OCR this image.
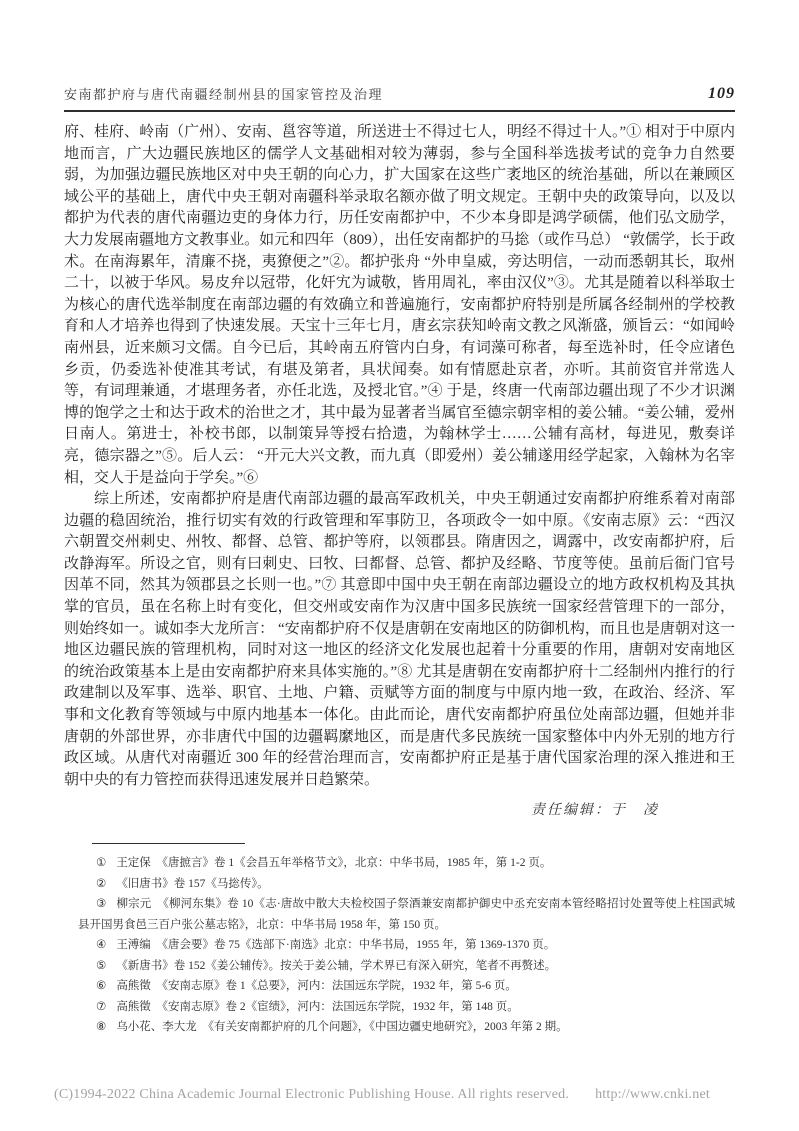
安南都护府与唐代南疆经制州县的国家管控及治理	109

府、桂府、岭南（广州）、安南、邕容等道，所送进士不得过七人，明经不得过十人。”① 相对于中原内地而言，广大边疆民族地区的儒学人文基础相对较为薄弱，参与全国科举选拔考试的竞争力自然要弱，为加强边疆民族地区对中央王朝的向心力，扩大国家在这些广袤地区的统治基础，所以在兼顾区域公平的基础上，唐代中央王朝对南疆科举录取名额亦做了明文规定。王朝中央的政策导向，以及以都护为代表的唐代南疆边吏的身体力行，历任安南都护中，不少本身即是鸿学硕儒，他们弘文励学，大力发展南疆地方文教事业。如元和四年（809），出任安南都护的马捴（或作马总） “敦儒学，长于政术。在南海累年，清廉不挠，夷獠便之”②。都护张舟 “外申皇威，旁达明信，一动而悉朝其长，取州二十，以被于华风。易皮弁以冠带，化奸宄为诚敬，皆用周礼，率由汉仪”③。尤其是随着以科举取士为核心的唐代选举制度在南部边疆的有效确立和普遍施行，安南都护府特别是所属各经制州的学校教育和人才培养也得到了快速发展。天宝十三年七月，唐玄宗获知岭南文教之风渐盛，颁旨云：“如闻岭南州县，近来颇习文儒。自今已后，其岭南五府管内白身，有词藻可称者，每至选补时，任令应诸色乡贡，仍委选补使准其考试，有堪及第者，具状闻奏。如有情愿赴京者，亦听。其前资官并常选人等，有词理兼通，才堪理务者，亦任北选，及授北官。”④ 于是，终唐一代南部边疆出现了不少才识渊博的饱学之士和达于政术的治世之才，其中最为显著者当属官至德宗朝宰相的姜公辅。“姜公辅，爱州日南人。第进士，补校书郎，以制策异等授右拾遗，为翰林学士……公辅有高材，每进见，敷奏详亮，德宗器之”⑤。后人云： “开元大兴文教，而九真（即爱州）姜公辅遂用经学起家，入翰林为名宰相，交人于是益向于学矣。”⑥

综上所述，安南都护府是唐代南部边疆的最高军政机关，中央王朝通过安南都护府维系着对南部边疆的稳固统治，推行切实有效的行政管理和军事防卫，各项政令一如中原。《安南志原》云：“西汉六朝置交州刺史、州牧、都督、总管、都护等府，以领郡县。隋唐因之，调露中，改安南都护府，后改静海军。所设之官，则有曰刺史、曰牧、曰都督、总管、都护及经略、节度等使。虽前后衙门官号因革不同，然其为领郡县之长则一也。”⑦ 其意即中国中央王朝在南部边疆设立的地方政权机构及其执掌的官员，虽在名称上时有变化，但交州或安南作为汉唐中国多民族统一国家经营管理下的一部分，则始终如一。诚如李大龙所言： “安南都护府不仅是唐朝在安南地区的防御机构，而且也是唐朝对这一地区边疆民族的管理机构，同时对这一地区的经济文化发展也起着十分重要的作用，唐朝对安南地区的统治政策基本上是由安南都护府来具体实施的。”⑧ 尤其是唐朝在安南都护府十二经制州内推行的行政建制以及军事、选举、职官、土地、户籍、贡赋等方面的制度与中原内地一致，在政治、经济、军事和文化教育等领域与中原内地基本一体化。由此而论，唐代安南都护府虽位处南部边疆，但她并非唐朝的外部世界，亦非唐代中国的边疆羁縻地区，而是唐代多民族统一国家整体中内外无别的地方行政区域。从唐代对南疆近 300 年的经营治理而言，安南都护府正是基于唐代国家治理的深入推进和王朝中央的有力管控而获得迅速发展并日趋繁荣。

责任编辑：于　凌
① 王定保　《唐摭言》卷 1《会昌五年举格节文》，北京：中华书局，1985 年，第 1-2 页。
② 《旧唐书》卷 157《马捴传》。
③ 柳宗元　《柳河东集》卷 10《志·唐故中散大夫检校国子祭酒兼安南都护御史中丞充安南本管经略招讨处置等使上柱国武城县开国男食邑三百户张公墓志铭》，北京：中华书局 1958 年，第 150 页。
④ 王溥编　《唐会要》卷 75《选部下·南选》北京：中华书局，1955 年，第 1369-1370 页。
⑤ 《新唐书》卷 152《姜公辅传》。按关于姜公辅，学术界已有深入研究，笔者不再赘述。
⑥ 高熊徵　《安南志原》卷 1《总要》，河内：法国远东学院，1932 年，第 5-6 页。
⑦ 高熊徵　《安南志原》卷 2《宦绩》，河内：法国远东学院，1932 年，第 148 页。
⑧ 乌小花、李大龙　《有关安南都护府的几个问题》，《中国边疆史地研究》，2003 年第 2 期。
(C)1994-2022 China Academic Journal Electronic Publishing House. All rights reserved. http://www.cnki.net
